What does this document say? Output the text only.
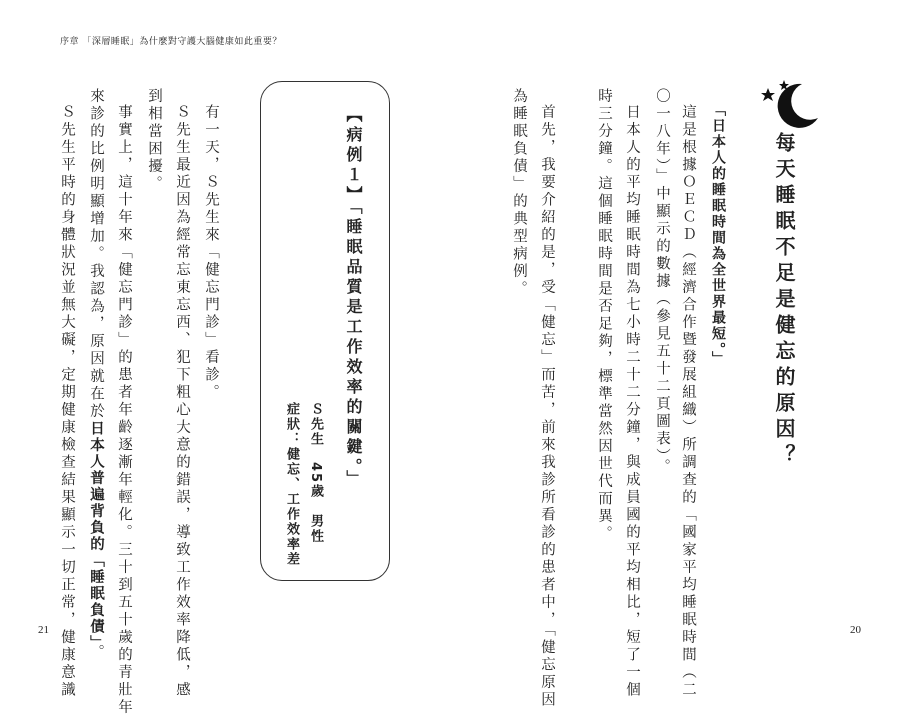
序章 「深層睡眠」為什麼對守護大腦健康如此重要？
每天睡眠不足是健忘的原因？
「日本人的睡眠時間為全世界最短。」
這是根據ＯＥＣＤ（經濟合作暨發展組織）所調查的「國家平均睡眠時間（二
〇一八年）」中顯示的數據（參見五十二頁圖表）。
日本人的平均睡眠時間為七小時二十二分鐘，與成員國的平均相比，短了一個
時三分鐘。這個睡眠時間是否足夠，標準當然因世代而異。
首先，我要介紹的是，受「健忘」而苦，前來我診所看診的患者中，「健忘原因
為睡眠負債」的典型病例。
【病例１】「睡眠品質是工作效率的關鍵。」
Ｓ先生　45歲　男性
症狀：健忘、工作效率差
有一天，Ｓ先生來「健忘門診」看診。
Ｓ先生最近因為經常忘東忘西、犯下粗心大意的錯誤，導致工作效率降低，感
到相當困擾。
事實上，這十年來「健忘門診」的患者年齡逐漸年輕化。三十到五十歲的青壯年
來診的比例明顯增加。我認為，原因就在於日本人普遍背負的「睡眠負債」。
Ｓ先生平時的身體狀況並無大礙，定期健康檢查結果顯示一切正常，健康意識
21	20
